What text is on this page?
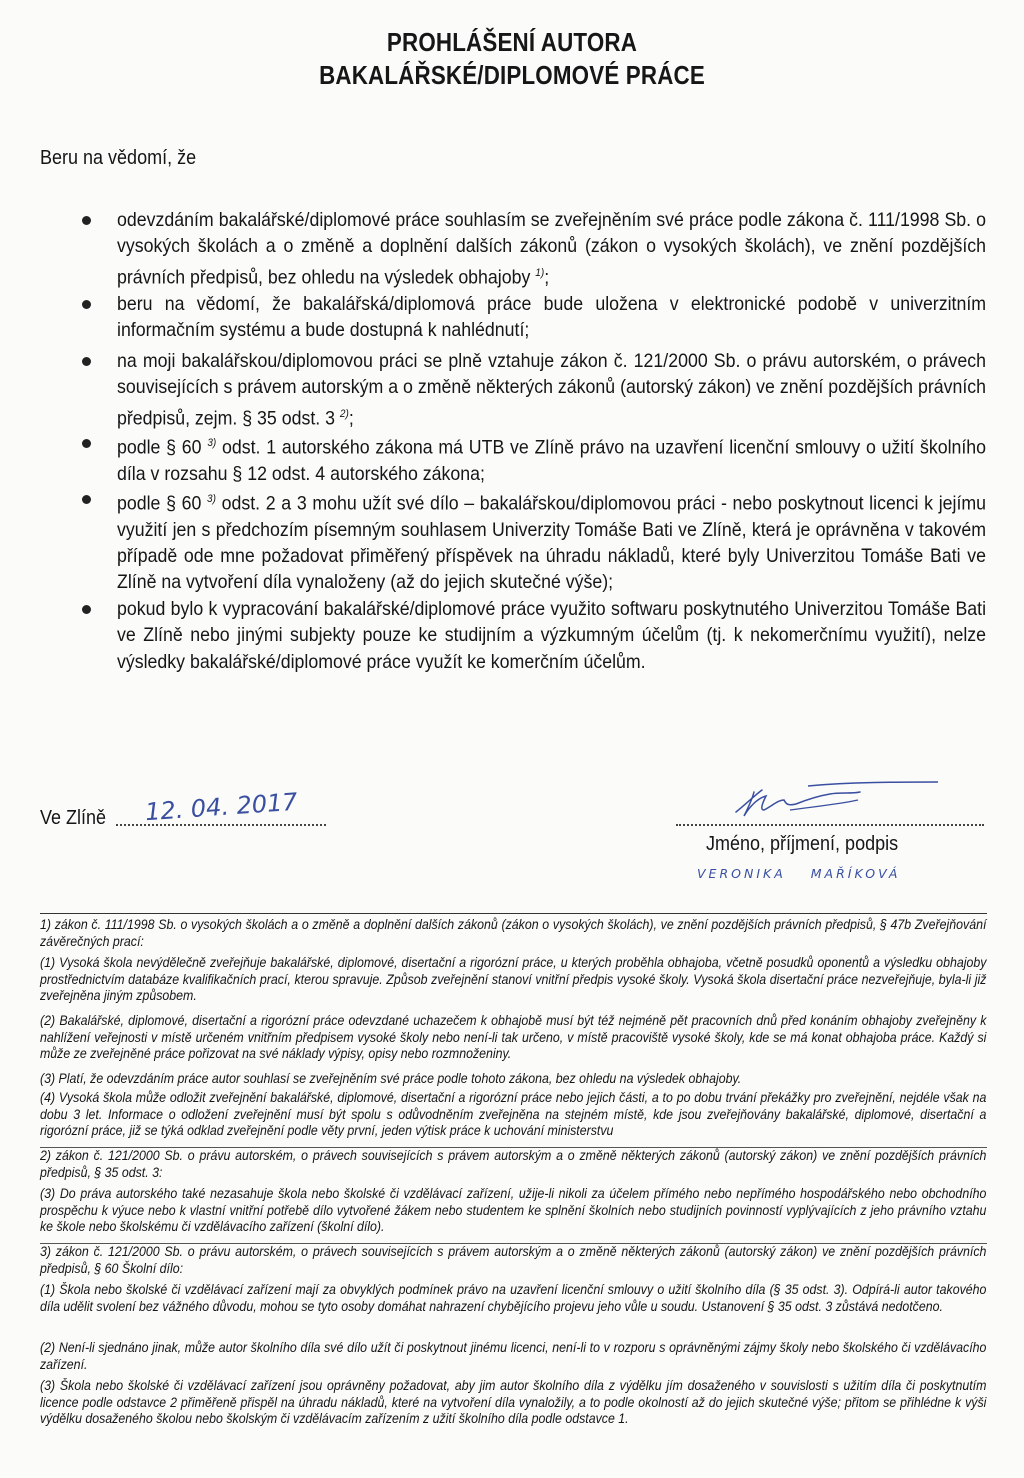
PROHLÁŠENÍ AUTORA
BAKALÁŘSKÉ/DIPLOMOVÉ PRÁCE
Beru na vědomí, že
odevzdáním bakalářské/diplomové práce souhlasím se zveřejněním své práce podle zákona č. 111/1998 Sb. o vysokých školách a o změně a doplnění dalších zákonů (zákon o vysokých školách), ve znění pozdějších právních předpisů, bez ohledu na výsledek obhajoby $^{1)}$;
beru na vědomí, že bakalářská/diplomová práce bude uložena v elektronické podobě v univerzitním informačním systému a bude dostupná k nahlédnutí;
na moji bakalářskou/diplomovou práci se plně vztahuje zákon č. 121/2000 Sb. o právu autorském, o právech souvisejících s právem autorským a o změně některých zákonů (autorský zákon) ve znění pozdějších právních předpisů, zejm. § 35 odst. 3 $^{2)}$;
podle § 60 $^{3)}$ odst. 1 autorského zákona má UTB ve Zlíně právo na uzavření licenční smlouvy o užití školního díla v rozsahu § 12 odst. 4 autorského zákona;
podle § 60 $^{3)}$ odst. 2 a 3 mohu užít své dílo – bakalářskou/diplomovou práci - nebo poskytnout licenci k jejímu využití jen s předchozím písemným souhlasem Univerzity Tomáše Bati ve Zlíně, která je oprávněna v takovém případě ode mne požadovat přiměřený příspěvek na úhradu nákladů, které byly Univerzitou Tomáše Bati ve Zlíně na vytvoření díla vynaloženy (až do jejich skutečné výše);
pokud bylo k vypracování bakalářské/diplomové práce využito softwaru poskytnutého Univerzitou Tomáše Bati ve Zlíně nebo jinými subjekty pouze ke studijním a výzkumným účelům (tj. k nekomerčnímu využití), nelze výsledky bakalářské/diplomové práce využít ke komerčním účelům.
Ve Zlíně 12. 04. 2017
Jméno, příjmení, podpis
VERONIKA MAŘÍKOVÁ
1) zákon č. 111/1998 Sb. o vysokých školách a o změně a doplnění dalších zákonů (zákon o vysokých školách), ve znění pozdějších právních předpisů, § 47b Zveřejňování závěrečných prací:
(1) Vysoká škola nevýdělečně zveřejňuje bakalářské, diplomové, disertační a rigorózní práce, u kterých proběhla obhajoba, včetně posudků oponentů a výsledku obhajoby prostřednictvím databáze kvalifikačních prací, kterou spravuje. Způsob zveřejnění stanoví vnitřní předpis vysoké školy. Vysoká škola disertační práce nezveřejňuje, byla-li již zveřejněna jiným způsobem.
(2) Bakalářské, diplomové, disertační a rigorózní práce odevzdané uchazečem k obhajobě musí být též nejméně pět pracovních dnů před konáním obhajoby zveřejněny k nahlížení veřejnosti v místě určeném vnitřním předpisem vysoké školy nebo není-li tak určeno, v místě pracoviště vysoké školy, kde se má konat obhajoba práce. Každý si může ze zveřejněné práce pořizovat na své náklady výpisy, opisy nebo rozmnoženiny.
(3) Platí, že odevzdáním práce autor souhlasí se zveřejněním své práce podle tohoto zákona, bez ohledu na výsledek obhajoby.
(4) Vysoká škola může odložit zveřejnění bakalářské, diplomové, disertační a rigorózní práce nebo jejich části, a to po dobu trvání překážky pro zveřejnění, nejdéle však na dobu 3 let. Informace o odložení zveřejnění musí být spolu s odůvodněním zveřejněna na stejném místě, kde jsou zveřejňovány bakalářské, diplomové, disertační a rigorózní práce, již se týká odklad zveřejnění podle věty první, jeden výtisk práce k uchování ministerstvu
2) zákon č. 121/2000 Sb. o právu autorském, o právech souvisejících s právem autorským a o změně některých zákonů (autorský zákon) ve znění pozdějších právních předpisů, § 35 odst. 3:
(3) Do práva autorského také nezasahuje škola nebo školské či vzdělávací zařízení, užije-li nikoli za účelem přímého nebo nepřímého hospodářského nebo obchodního prospěchu k výuce nebo k vlastní vnitřní potřebě dílo vytvořené žákem nebo studentem ke splnění školních nebo studijních povinností vyplývajících z jeho právního vztahu ke škole nebo školskému či vzdělávacího zařízení (školní dílo).
3) zákon č. 121/2000 Sb. o právu autorském, o právech souvisejících s právem autorským a o změně některých zákonů (autorský zákon) ve znění pozdějších právních předpisů, § 60 Školní dílo:
(1) Škola nebo školské či vzdělávací zařízení mají za obvyklých podmínek právo na uzavření licenční smlouvy o užití školního díla (§ 35 odst. 3). Odpírá-li autor takového díla udělit svolení bez vážného důvodu, mohou se tyto osoby domáhat nahrazení chybějícího projevu jeho vůle u soudu. Ustanovení § 35 odst. 3 zůstává nedotčeno.
(2) Není-li sjednáno jinak, může autor školního díla své dílo užít či poskytnout jinému licenci, není-li to v rozporu s oprávněnými zájmy školy nebo školského či vzdělávacího zařízení.
(3) Škola nebo školské či vzdělávací zařízení jsou oprávněny požadovat, aby jim autor školního díla z výdělku jím dosaženého v souvislosti s užitím díla či poskytnutím licence podle odstavce 2 přiměřeně přispěl na úhradu nákladů, které na vytvoření díla vynaložily, a to podle okolností až do jejich skutečné výše; přitom se přihlédne k výši výdělku dosaženého školou nebo školským či vzdělávacím zařízením z užití školního díla podle odstavce 1.
